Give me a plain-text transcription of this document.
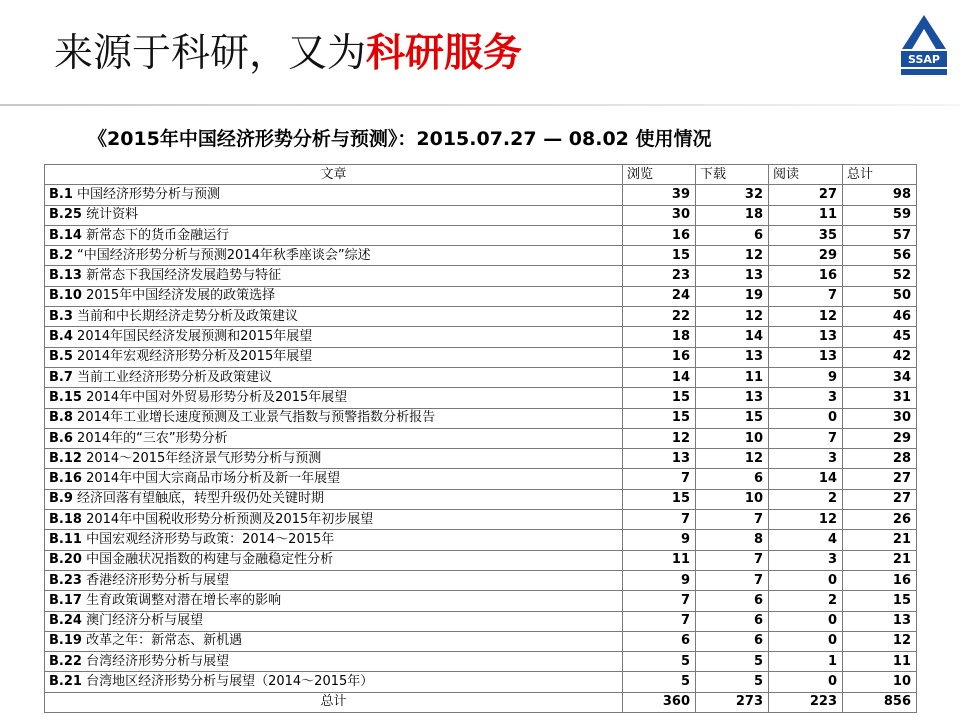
来源于科研，又为科研服务	SSAP
《2015年中国经济形势分析与预测》：2015.07.27 — 08.02 使用情况
文章	浏览	下载	阅读	总计
B.1 中国经济形势分析与预测	39	32	27	98
B.25 统计资料	30	18	11	59
B.14 新常态下的货币金融运行	16	6	35	57
B.2 “中国经济形势分析与预测2014年秋季座谈会”综述	15	12	29	56
B.13 新常态下我国经济发展趋势与特征	23	13	16	52
B.10 2015年中国经济发展的政策选择	24	19	7	50
B.3 当前和中长期经济走势分析及政策建议	22	12	12	46
B.4 2014年国民经济发展预测和2015年展望	18	14	13	45
B.5 2014年宏观经济形势分析及2015年展望	16	13	13	42
B.7 当前工业经济形势分析及政策建议	14	11	9	34
B.15 2014年中国对外贸易形势分析及2015年展望	15	13	3	31
B.8 2014年工业增长速度预测及工业景气指数与预警指数分析报告	15	15	0	30
B.6 2014年的“三农”形势分析	12	10	7	29
B.12 2014～2015年经济景气形势分析与预测	13	12	3	28
B.16 2014年中国大宗商品市场分析及新一年展望	7	6	14	27
B.9 经济回落有望触底，转型升级仍处关键时期	15	10	2	27
B.18 2014年中国税收形势分析预测及2015年初步展望	7	7	12	26
B.11 中国宏观经济形势与政策：2014～2015年	9	8	4	21
B.20 中国金融状况指数的构建与金融稳定性分析	11	7	3	21
B.23 香港经济形势分析与展望	9	7	0	16
B.17 生育政策调整对潜在增长率的影响	7	6	2	15
B.24 澳门经济分析与展望	7	6	0	13
B.19 改革之年：新常态、新机遇	6	6	0	12
B.22 台湾经济形势分析与展望	5	5	1	11
B.21 台湾地区经济形势分析与展望（2014～2015年）	5	5	0	10
总计	360	273	223	856
